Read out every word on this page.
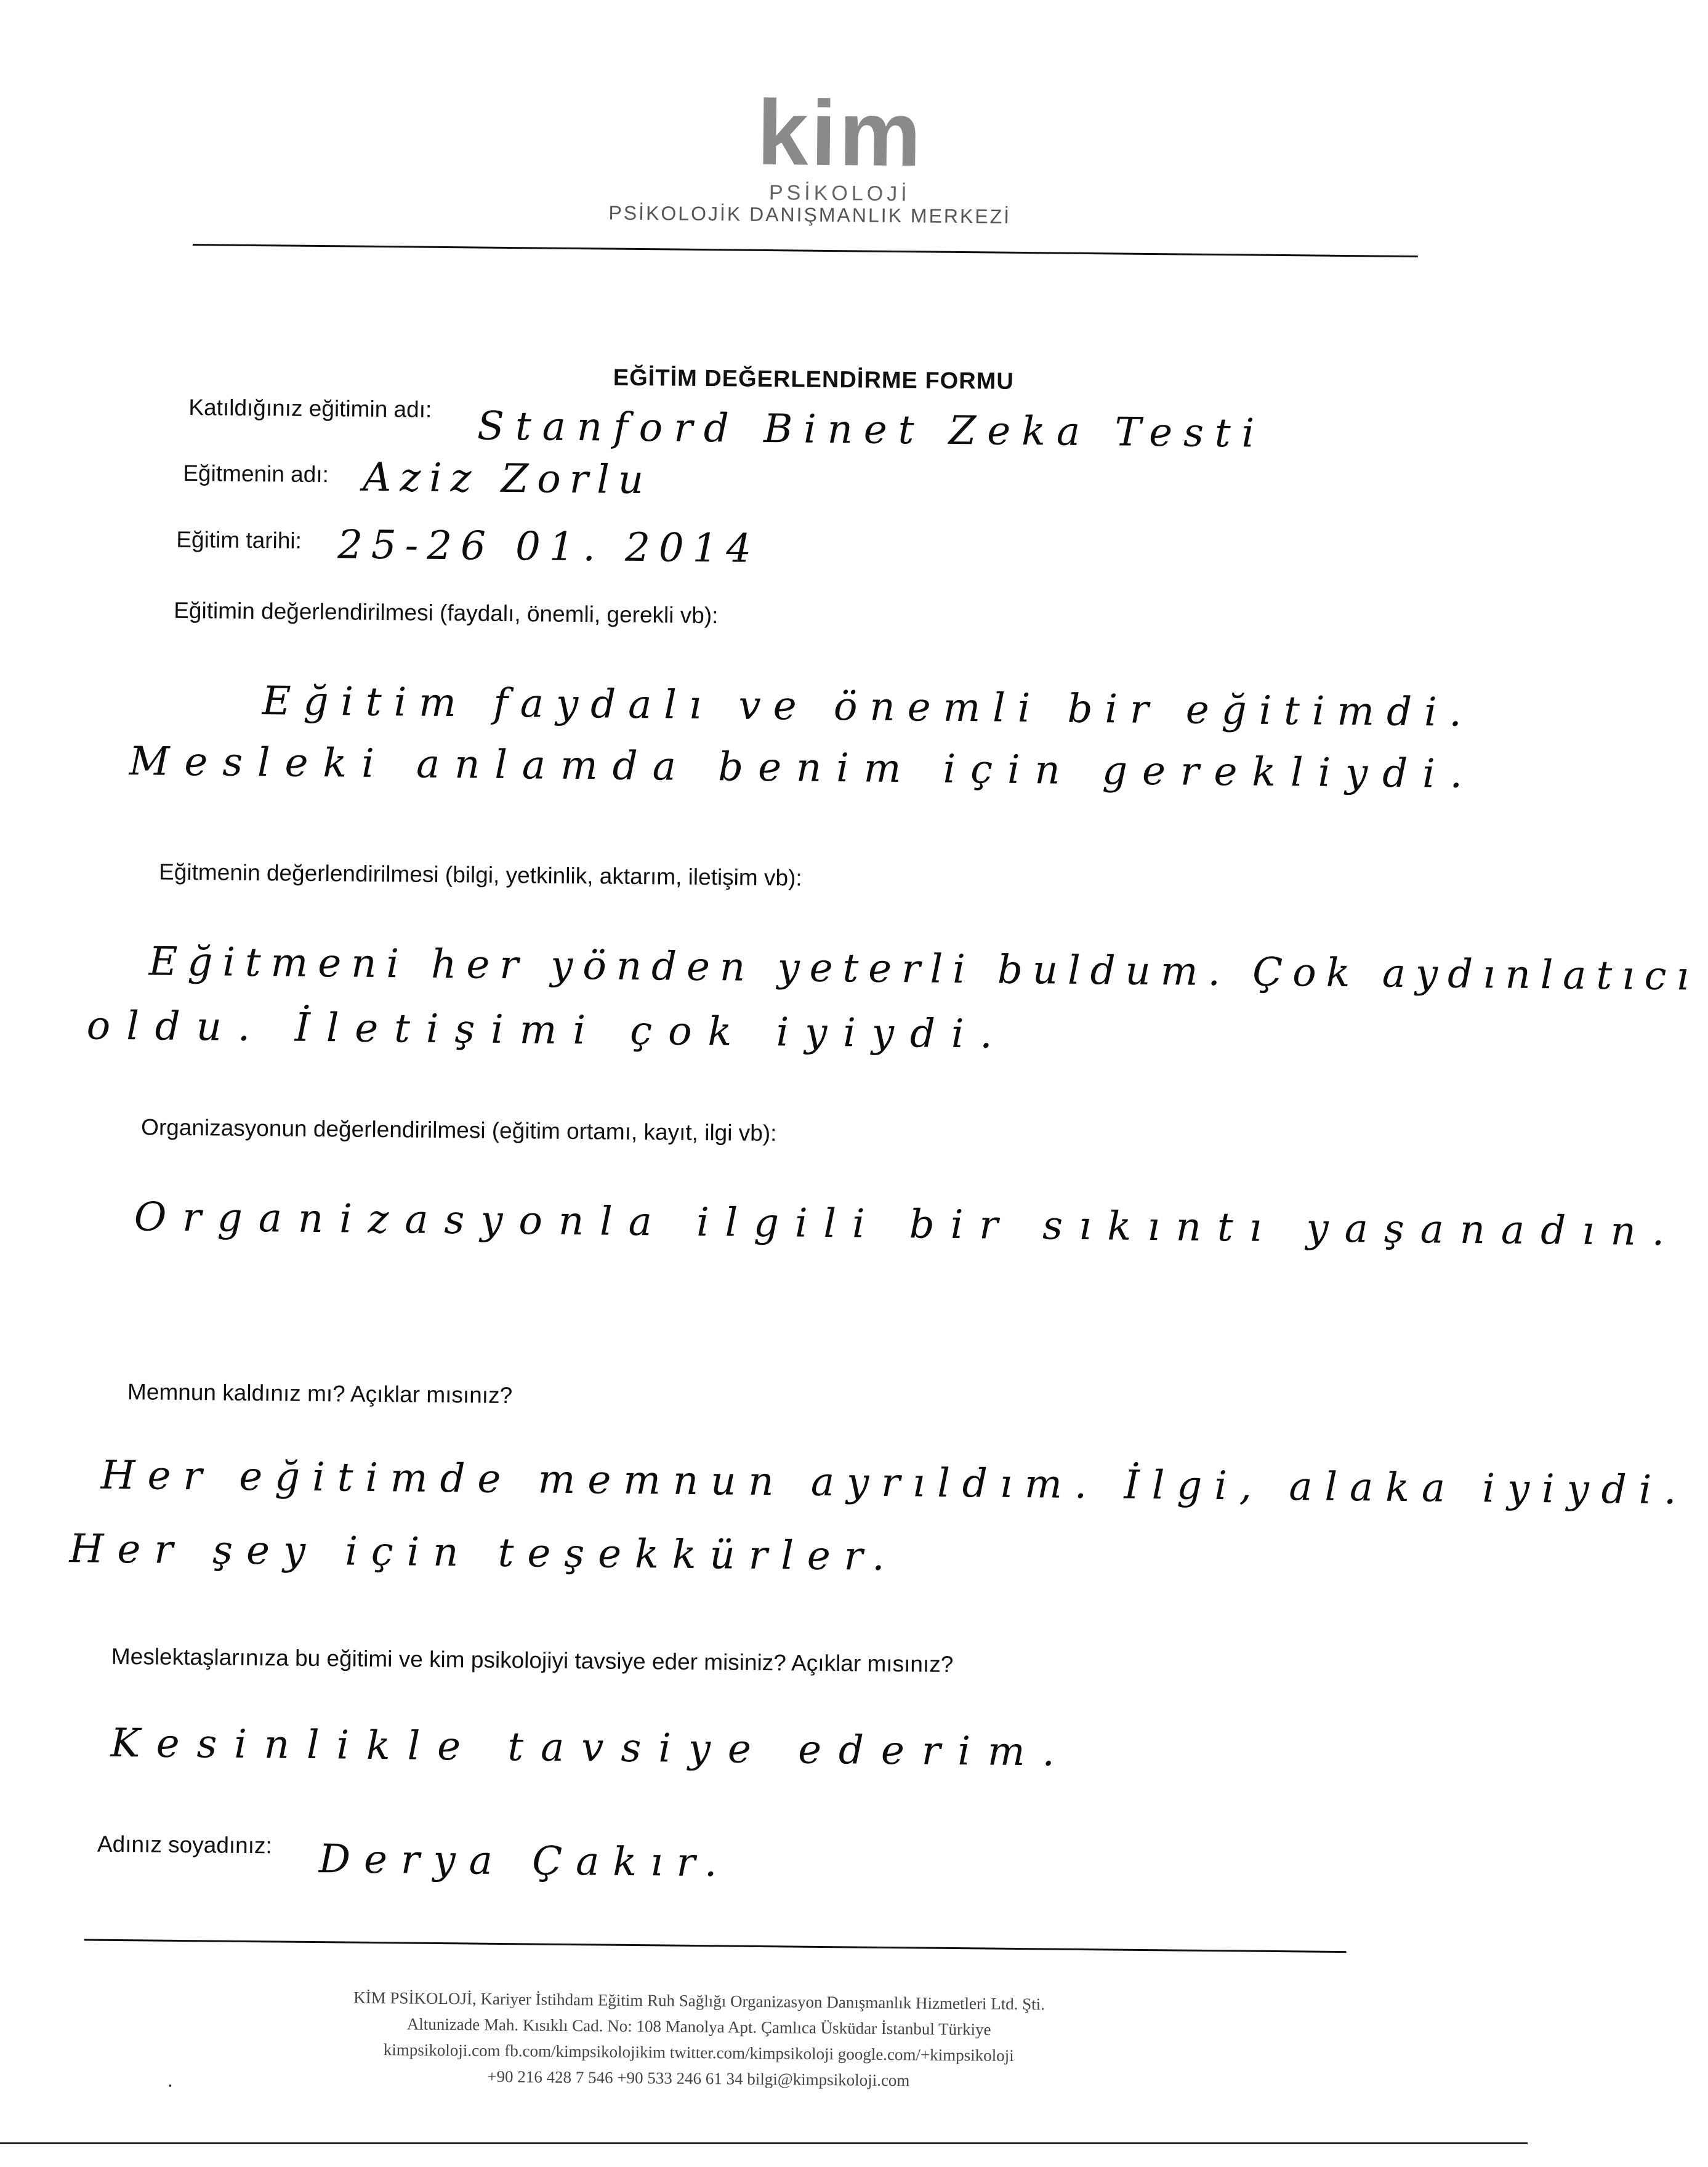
kim
PSİKOLOJİ
PSİKOLOJİK DANIŞMANLIK MERKEZİ
EĞİTİM DEĞERLENDİRME FORMU
Katıldığınız eğitimin adı: Stanford Binet Zeka Testi
Eğitmenin adı: Aziz Zorlu
Eğitim tarihi: 25-26 01. 2014
Eğitimin değerlendirilmesi (faydalı, önemli, gerekli vb):
Eğitim faydalı ve önemli bir eğitimdi.
Mesleki anlamda benim için gerekliydi.
Eğitmenin değerlendirilmesi (bilgi, yetkinlik, aktarım, iletişim vb):
Eğitmeni her yönden yeterli buldum. Çok aydınlatıcı
oldu. İletişimi çok iyiydi.
Organizasyonun değerlendirilmesi (eğitim ortamı, kayıt, ilgi vb):
Organizasyonla ilgili bir sıkıntı yaşanadın.
Memnun kaldınız mı? Açıklar mısınız?
Her eğitimde memnun ayrıldım. İlgi, alaka iyiydi.
Her şey için teşekkürler.
Meslektaşlarınıza bu eğitimi ve kim psikolojiyi tavsiye eder misiniz? Açıklar mısınız?
Kesinlikle tavsiye ederim.
Adınız soyadınız: Derya Çakır.
KİM PSİKOLOJİ, Kariyer İstihdam Eğitim Ruh Sağlığı Organizasyon Danışmanlık Hizmetleri Ltd. Şti.
Altunizade Mah. Kısıklı Cad. No: 108 Manolya Apt. Çamlıca Üsküdar İstanbul Türkiye
kimpsikoloji.com fb.com/kimpsikolojikim twitter.com/kimpsikoloji google.com/+kimpsikoloji
+90 216 428 7 546 +90 533 246 61 34 bilgi@kimpsikoloji.com
